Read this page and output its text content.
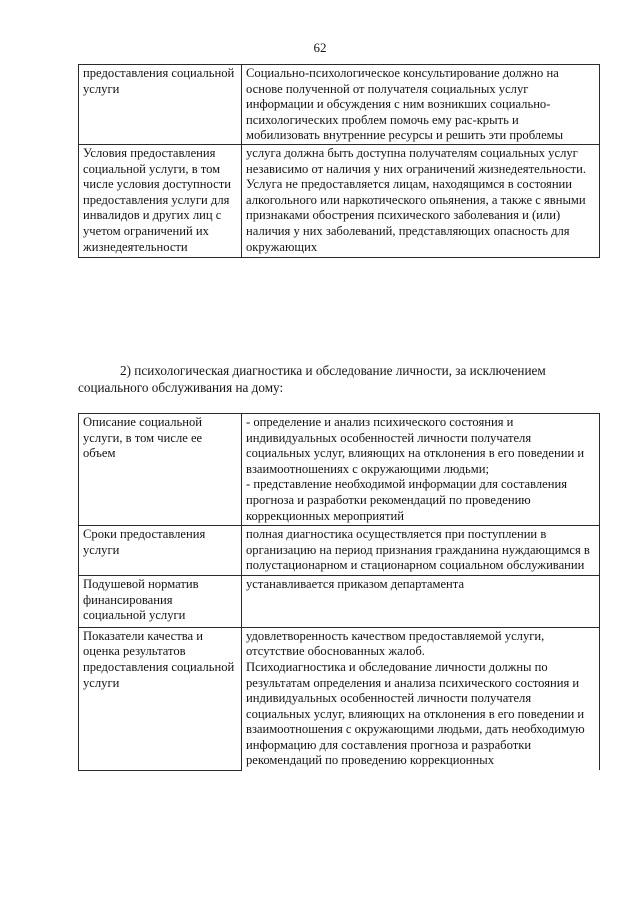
62
предоставления социальной услуги	Социально-психологическое консультирование должно на основе полученной от получателя социальных услуг информации и обсуждения с ним возникших социально-психологических проблем помочь ему рас-крыть и мобилизовать внутренние ресурсы и решить эти проблемы

Условия предоставления социальной услуги, в том числе условия доступности предоставления услуги для инвалидов и других лиц с учетом ограничений их жизнедеятельности	услуга должна быть доступна получателям социальных услуг независимо от наличия у них ограничений жизнедеятельности.
Услуга не предоставляется лицам, находящимся в состоянии алкогольного или наркотического опьянения, а также с явными признаками обострения психического заболевания и (или) наличия у них заболеваний, представляющих опасность для окружающих
2) психологическая диагностика и обследование личности, за исключением
социального обслуживания на дому:
Описание социальной услуги, в том числе ее объем	- определение и анализ психического состояния и индивидуальных особенностей личности получателя социальных услуг, влияющих на отклонения в его поведении и взаимоотношениях с окружающими людьми;
- представление необходимой информации для составления прогноза и разработки рекомендаций по проведению коррекционных мероприятий

Сроки предоставления услуги	полная диагностика осуществляется при поступлении в организацию на период признания гражданина нуждающимся в полустационарном и стационарном социальном обслуживании

Подушевой норматив финансирования социальной услуги	устанавливается приказом департамента

Показатели качества и оценка результатов предоставления социальной услуги	удовлетворенность качеством предоставляемой услуги, отсутствие обоснованных жалоб.
Психодиагностика и обследование личности должны по результатам определения и анализа психического состояния и индивидуальных особенностей личности получателя социальных услуг, влияющих на отклонения в его поведении и взаимоотношения с окружающими людьми, дать необходимую информацию для составления прогноза и разработки рекомендаций по проведению коррекционных
